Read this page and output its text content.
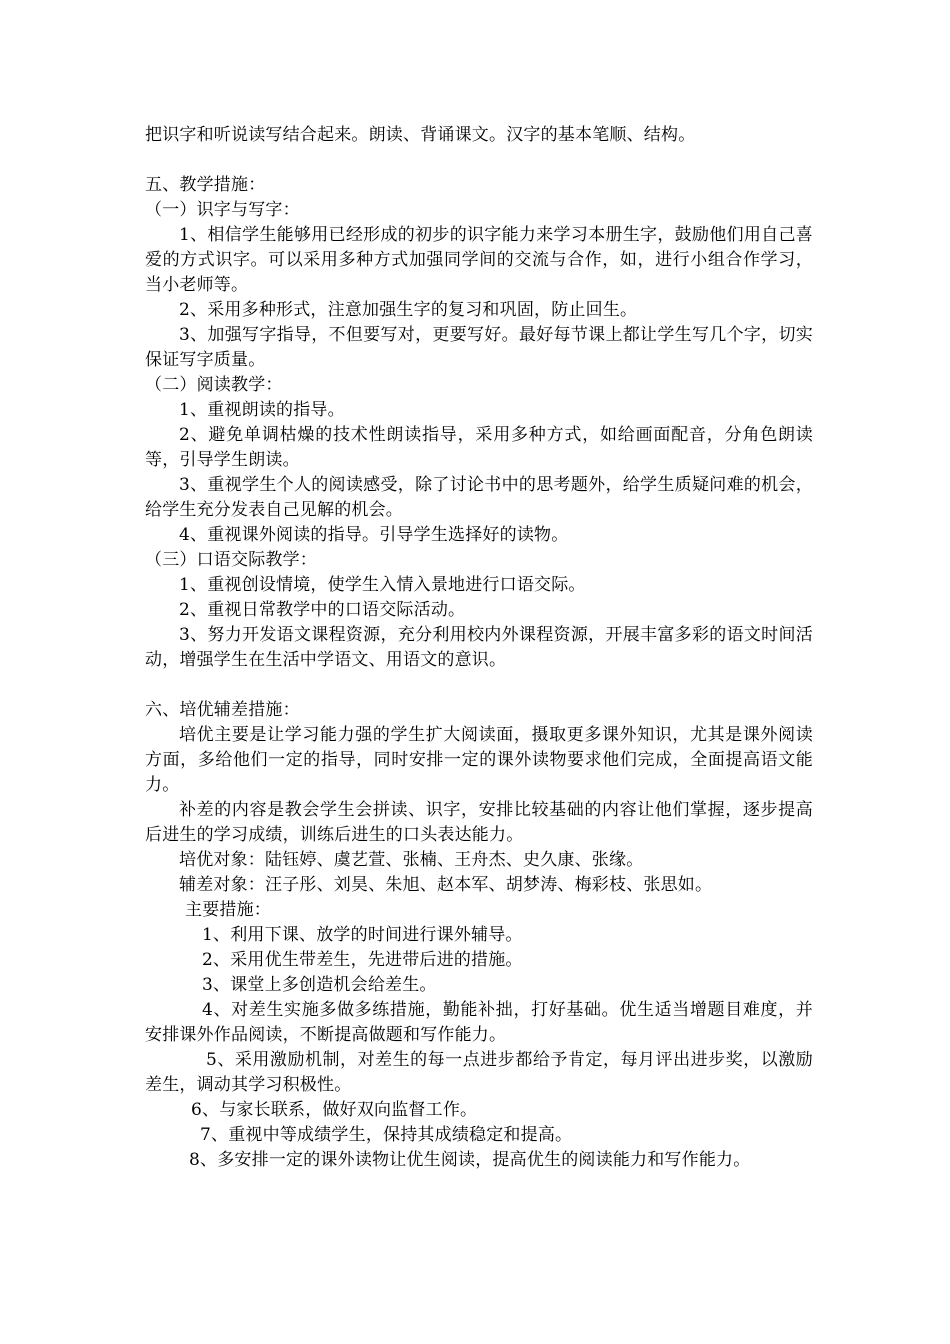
把识字和听说读写结合起来。朗读、背诵课文。汉字的基本笔顺、结构。

五、教学措施：

（一）识字与写字：

1、相信学生能够用已经形成的初步的识字能力来学习本册生字，鼓励他们用自己喜爱的方式识字。可以采用多种方式加强同学间的交流与合作，如，进行小组合作学习，当小老师等。

2、采用多种形式，注意加强生字的复习和巩固，防止回生。

3、加强写字指导，不但要写对，更要写好。最好每节课上都让学生写几个字，切实保证写字质量。

（二）阅读教学：

1、重视朗读的指导。

2、避免单调枯燥的技术性朗读指导，采用多种方式，如给画面配音，分角色朗读等，引导学生朗读。

3、重视学生个人的阅读感受，除了讨论书中的思考题外，给学生质疑问难的机会，给学生充分发表自己见解的机会。

4、重视课外阅读的指导。引导学生选择好的读物。

（三）口语交际教学：

1、重视创设情境，使学生入情入景地进行口语交际。

2、重视日常教学中的口语交际活动。

3、努力开发语文课程资源，充分利用校内外课程资源，开展丰富多彩的语文时间活动，增强学生在生活中学语文、用语文的意识。

六、培优辅差措施：

培优主要是让学习能力强的学生扩大阅读面，摄取更多课外知识，尤其是课外阅读方面，多给他们一定的指导，同时安排一定的课外读物要求他们完成，全面提高语文能力。

补差的内容是教会学生会拼读、识字，安排比较基础的内容让他们掌握，逐步提高后进生的学习成绩，训练后进生的口头表达能力。

培优对象：陆钰婷、虞艺萱、张楠、王舟杰、史久康、张缘。

辅差对象：汪子彤、刘昊、朱旭、赵本军、胡梦涛、梅彩枝、张思如。

主要措施：

1、利用下课、放学的时间进行课外辅导。

2、采用优生带差生，先进带后进的措施。

3、课堂上多创造机会给差生。

4、对差生实施多做多练措施，勤能补拙，打好基础。优生适当增题目难度，并安排课外作品阅读，不断提高做题和写作能力。

5、采用激励机制，对差生的每一点进步都给予肯定，每月评出进步奖，以激励差生，调动其学习积极性。

6、与家长联系，做好双向监督工作。

7、重视中等成绩学生，保持其成绩稳定和提高。

8、多安排一定的课外读物让优生阅读，提高优生的阅读能力和写作能力。
